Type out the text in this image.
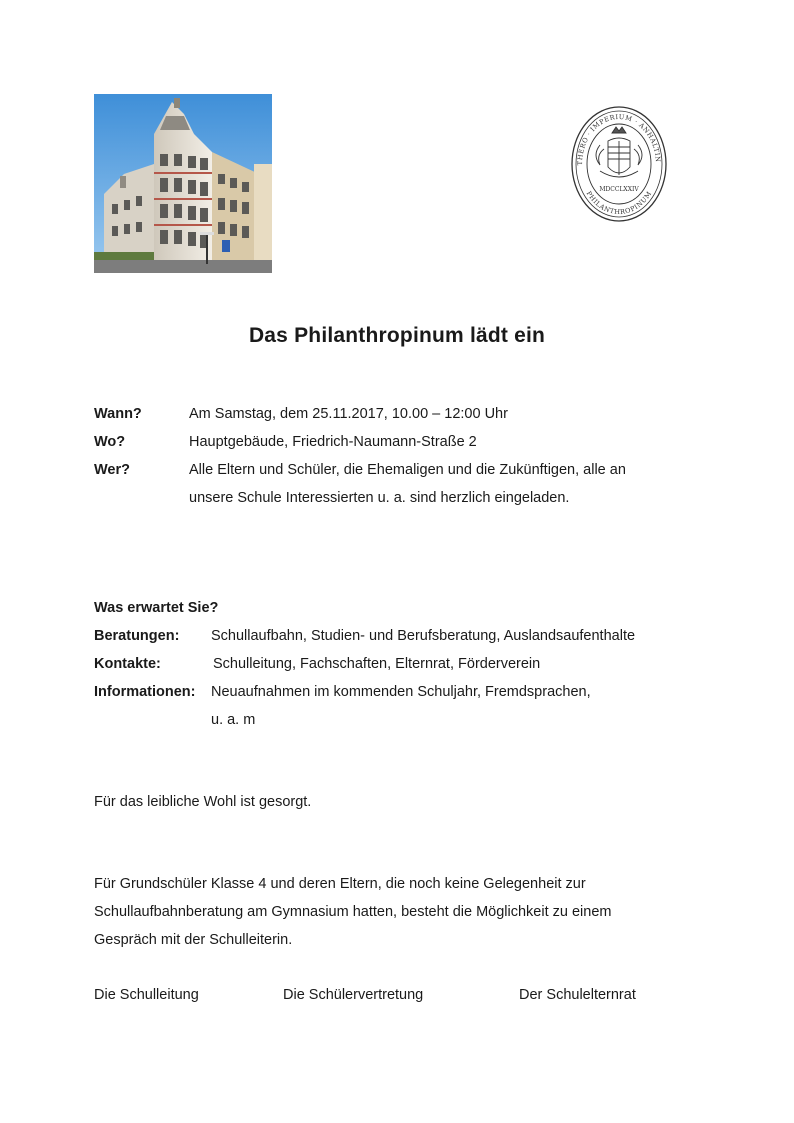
THERO · IMPERIUM · ANHALTIN
PHILANTHROPINUM
MDCCLXXIV
Das Philanthropinum lädt ein
Wann?	Am Samstag, dem 25.11.2017, 10.00 – 12:00 Uhr
Wo?	Hauptgebäude, Friedrich-Naumann-Straße 2
Wer?	Alle Eltern und Schüler, die Ehemaligen und die Zukünftigen, alle an
unsere Schule Interessierten u. a. sind herzlich eingeladen.
Was erwartet Sie?
Beratungen: Schullaufbahn, Studien- und Berufsberatung, Auslandsaufenthalte
Kontakte:	Schulleitung, Fachschaften, Elternrat, Förderverein
Informationen: Neuaufnahmen im kommenden Schuljahr, Fremdsprachen,
u. a. m
Für das leibliche Wohl ist gesorgt.
Für Grundschüler Klasse 4 und deren Eltern, die noch keine Gelegenheit zur
Schullaufbahnberatung am Gymnasium hatten, besteht die Möglichkeit zu einem
Gespräch mit der Schulleiterin.
Die Schulleitung	Die Schülervertretung	Der Schulelternrat
